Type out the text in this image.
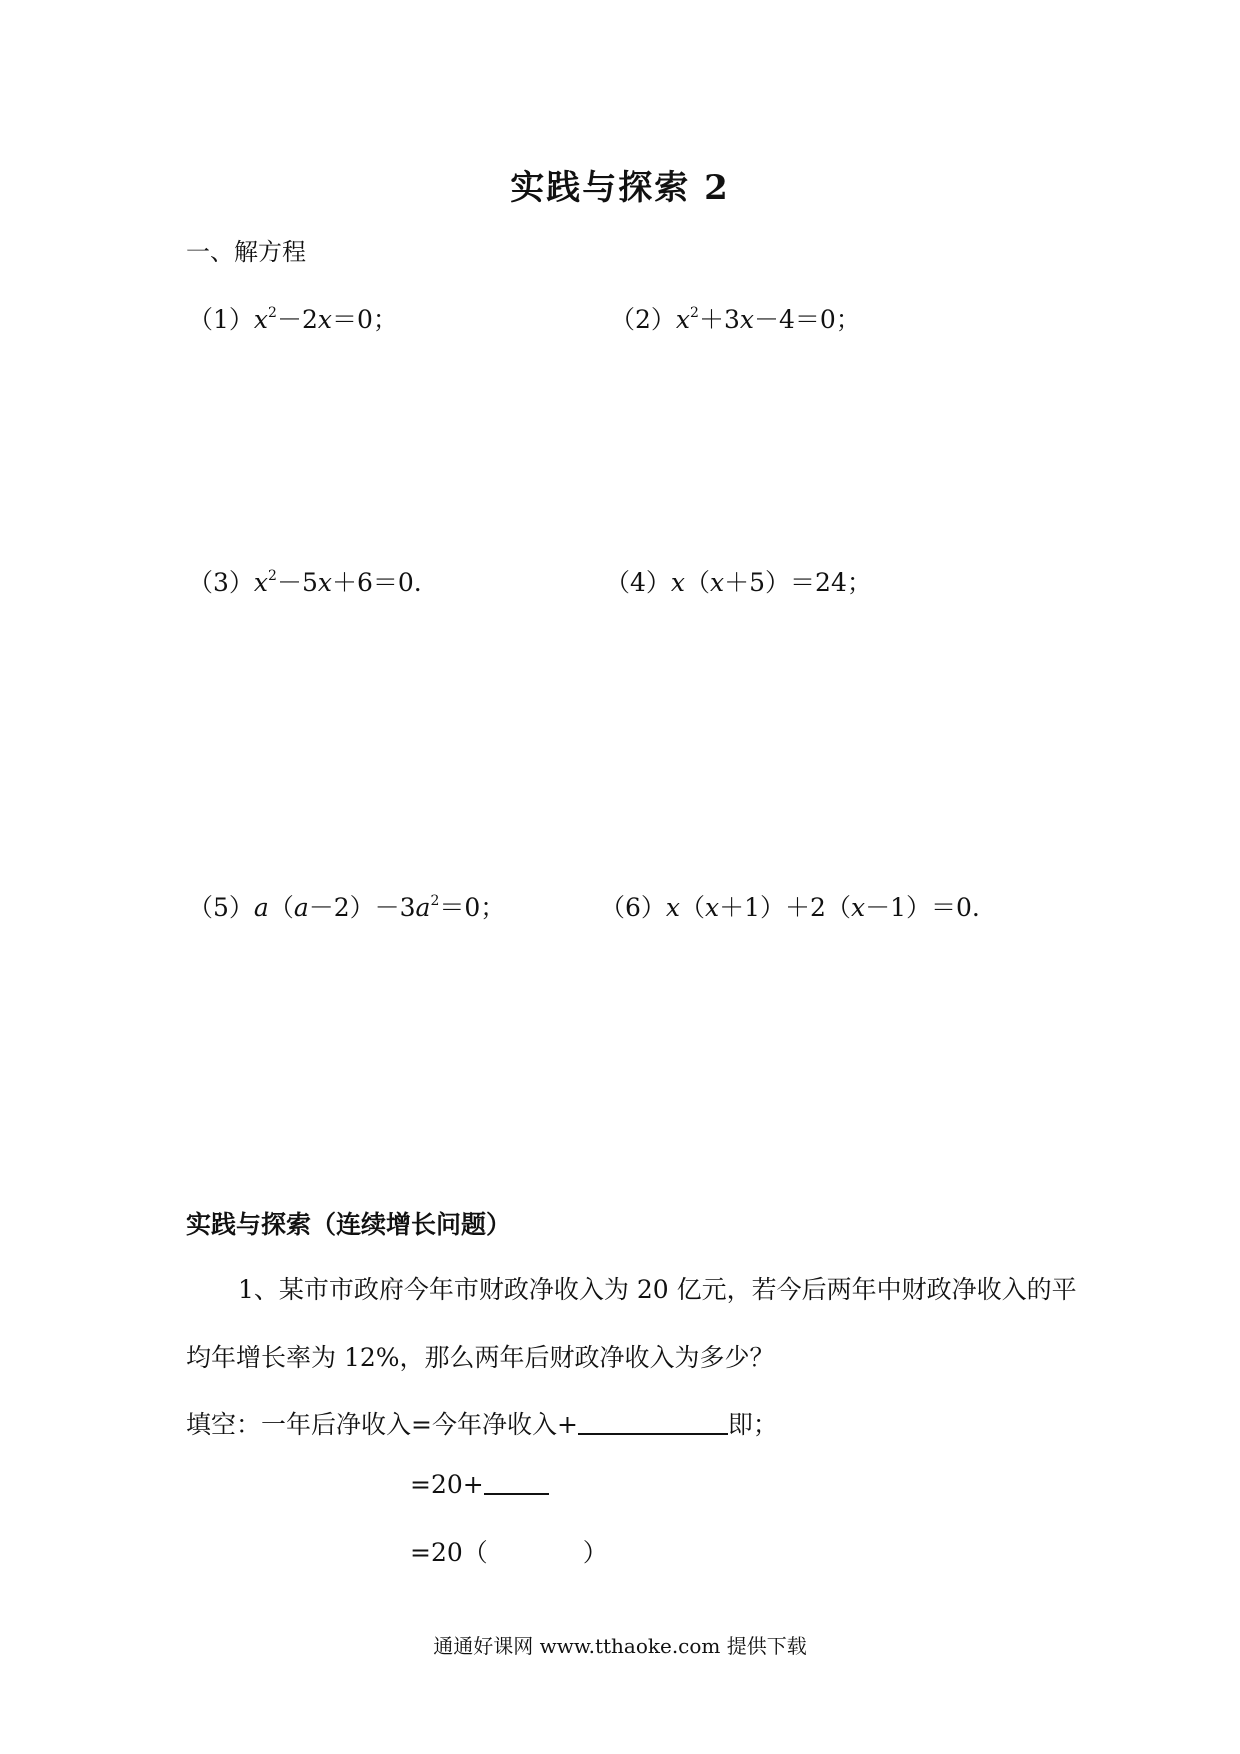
实践与探索 2
一、解方程
$(1)x^2-2x=0$；	$(2)x^2+3x-4=0$；
$(3)x^2-5x+6=0$.	（4）x（x＋5）＝24；
$(5)a(a-2)-3a^2=0$；	（6）x（x＋1）＋2（x－1）＝0.
实践与探索（连续增长问题）
1、某市市政府今年市财政净收入为 20 亿元，若今后两年中财政净收入的平
均年增长率为 12%，那么两年后财政净收入为多少？
填空：一年后净收入=今年净收入+	即；
=20+
=20（	）
通通好课网 www.tthaoke.com 提供下载
